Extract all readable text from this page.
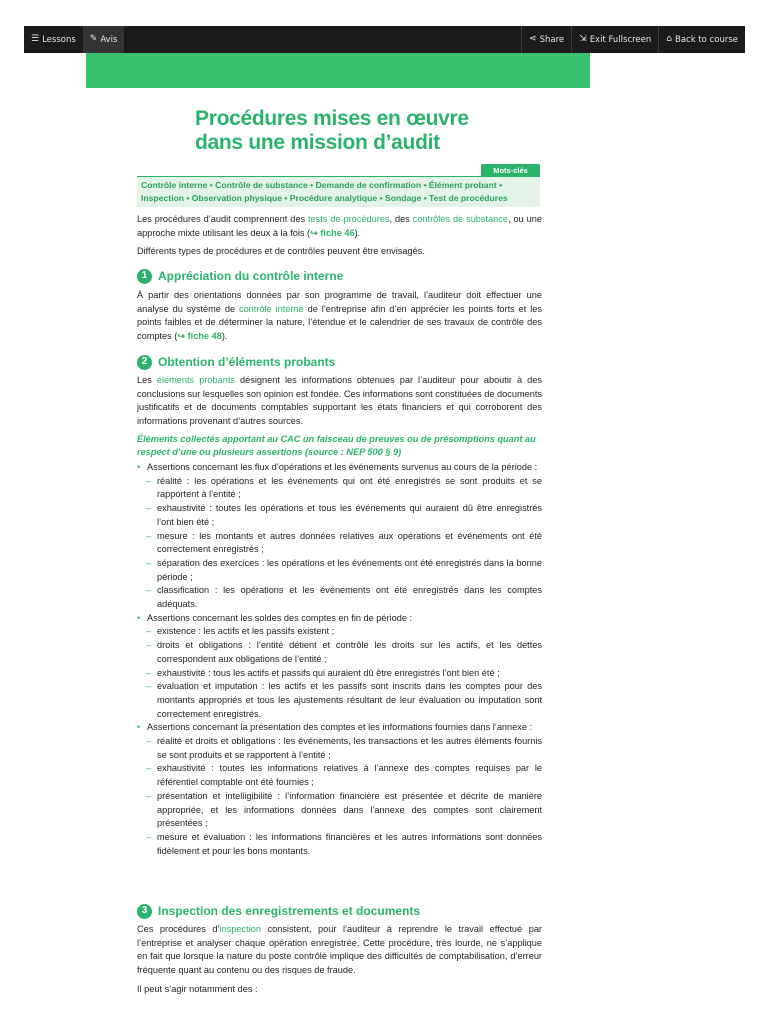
☰ Lessons ✎ Avis	⋖ Share ⇲ Exit Fullscreen ⌂ Back to course
Procédures mises en œuvre
dans une mission d’audit
Mots-clés
Contrôle interne • Contrôle de substance • Demande de confirmation • Élément probant •
Inspection • Observation physique • Procédure analytique • Sondage • Test de procédures
Les procédures d’audit comprennent des tests de procédures, des contrôles de substance, ou une approche mixte utilisant les deux à la fois (↪ fiche 46).
Différents types de procédures et de contrôles peuvent être envisagés.
1 Appréciation du contrôle interne
À partir des orientations données par son programme de travail, l’auditeur doit effectuer une analyse du système de contrôle interne de l’entreprise afin d’en apprécier les points forts et les points faibles et de déterminer la nature, l’étendue et le calendrier de ses travaux de contrôle des comptes (↪ fiche 48).
2 Obtention d’éléments probants
Les éléments probants désignent les informations obtenues par l’auditeur pour aboutir à des conclusions sur lesquelles son opinion est fondée. Ces informations sont constituées de documents justificatifs et de documents comptables supportant les états financiers et qui corroborent des informations provenant d’autres sources.
Éléments collectés apportant au CAC un faisceau de preuves ou de présomptions quant au respect d’une ou plusieurs assertions (source : NEP 500 § 9)
• Assertions concernant les flux d’opérations et les événements survenus au cours de la période :
– réalité : les opérations et les événements qui ont été enregistrés se sont produits et se rapportent à l’entité ;
– exhaustivité : toutes les opérations et tous les événements qui auraient dû être enregistrés l’ont bien été ;
– mesure : les montants et autres données relatives aux opérations et événements ont été correctement enregistrés ;
– séparation des exercices : les opérations et les événements ont été enregistrés dans la bonne période ;
– classification : les opérations et les événements ont été enregistrés dans les comptes adéquats.
• Assertions concernant les soldes des comptes en fin de période :
– existence : les actifs et les passifs existent ;
– droits et obligations : l’entité détient et contrôle les droits sur les actifs, et les dettes correspondent aux obligations de l’entité ;
– exhaustivité : tous les actifs et passifs qui auraient dû être enregistrés l’ont bien été ;
– évaluation et imputation : les actifs et les passifs sont inscrits dans les comptes pour des montants appropriés et tous les ajustements résultant de leur évaluation ou imputation sont correctement enregistrés.
• Assertions concernant la présentation des comptes et les informations fournies dans l’annexe :
– réalité et droits et obligations : les événements, les transactions et les autres éléments fournis se sont produits et se rapportent à l’entité ;
– exhaustivité : toutes les informations relatives à l’annexe des comptes requises par le référentiel comptable ont été fournies ;
– présentation et intelligibilité : l’information financière est présentée et décrite de manière appropriée, et les informations données dans l’annexe des comptes sont clairement présentées ;
– mesure et évaluation : les informations financières et les autres informations sont données fidèlement et pour les bons montants.
3 Inspection des enregistrements et documents
Ces procédures d’inspection consistent, pour l’auditeur à reprendre le travail effectué par l’entreprise et analyser chaque opération enregistrée. Cette procédure, très lourde, ne s’applique en fait que lorsque la nature du poste contrôlé implique des difficultés de comptabilisation, d’erreur fréquente quant au contenu ou des risques de fraude.
Il peut s’agir notamment des :
